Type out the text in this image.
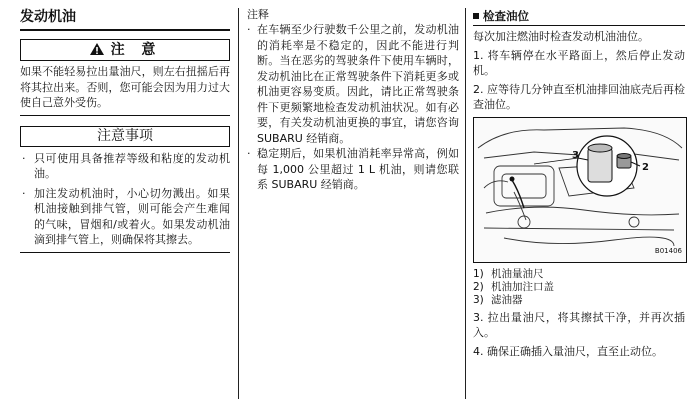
发动机油
注 意
如果不能轻易拉出量油尺，则左右扭摇后再将其拉出来。否则，您可能会因为用力过大使自己意外受伤。
注意事项
· 只可使用具备推荐等级和粘度的发动机油。
· 加注发动机油时，小心切勿溅出。如果机油接触到排气管，则可能会产生难闻的气味，冒烟和/或着火。如果发动机油滴到排气管上，则确保将其擦去。
注释

· 在车辆至少行驶数千公里之前，发动机油的消耗率是不稳定的，因此不能进行判断。当在恶劣的驾驶条件下使用车辆时，发动机油比在正常驾驶条件下消耗更多或机油更容易变质。因此，请比正常驾驶条件下更频繁地检查发动机油状况。如有必要，有关发动机油更换的事宜，请您咨询SUBARU 经销商。

· 稳定期后，如果机油消耗率异常高，例如每 1,000 公里超过 1 L 机油，则请您联系 SUBARU 经销商。

检查油位

每次加注燃油时检查发动机油油位。

1. 将车辆停在水平路面上，然后停止发动机。

2. 应等待几分钟直至机油排回油底壳后再检查油位。

3
2
B01406
1) 机油量油尺
2) 机油加注口盖
3) 滤油器

3. 拉出量油尺，将其擦拭干净，并再次插入。

4. 确保正确插入量油尺，直至止动位。
